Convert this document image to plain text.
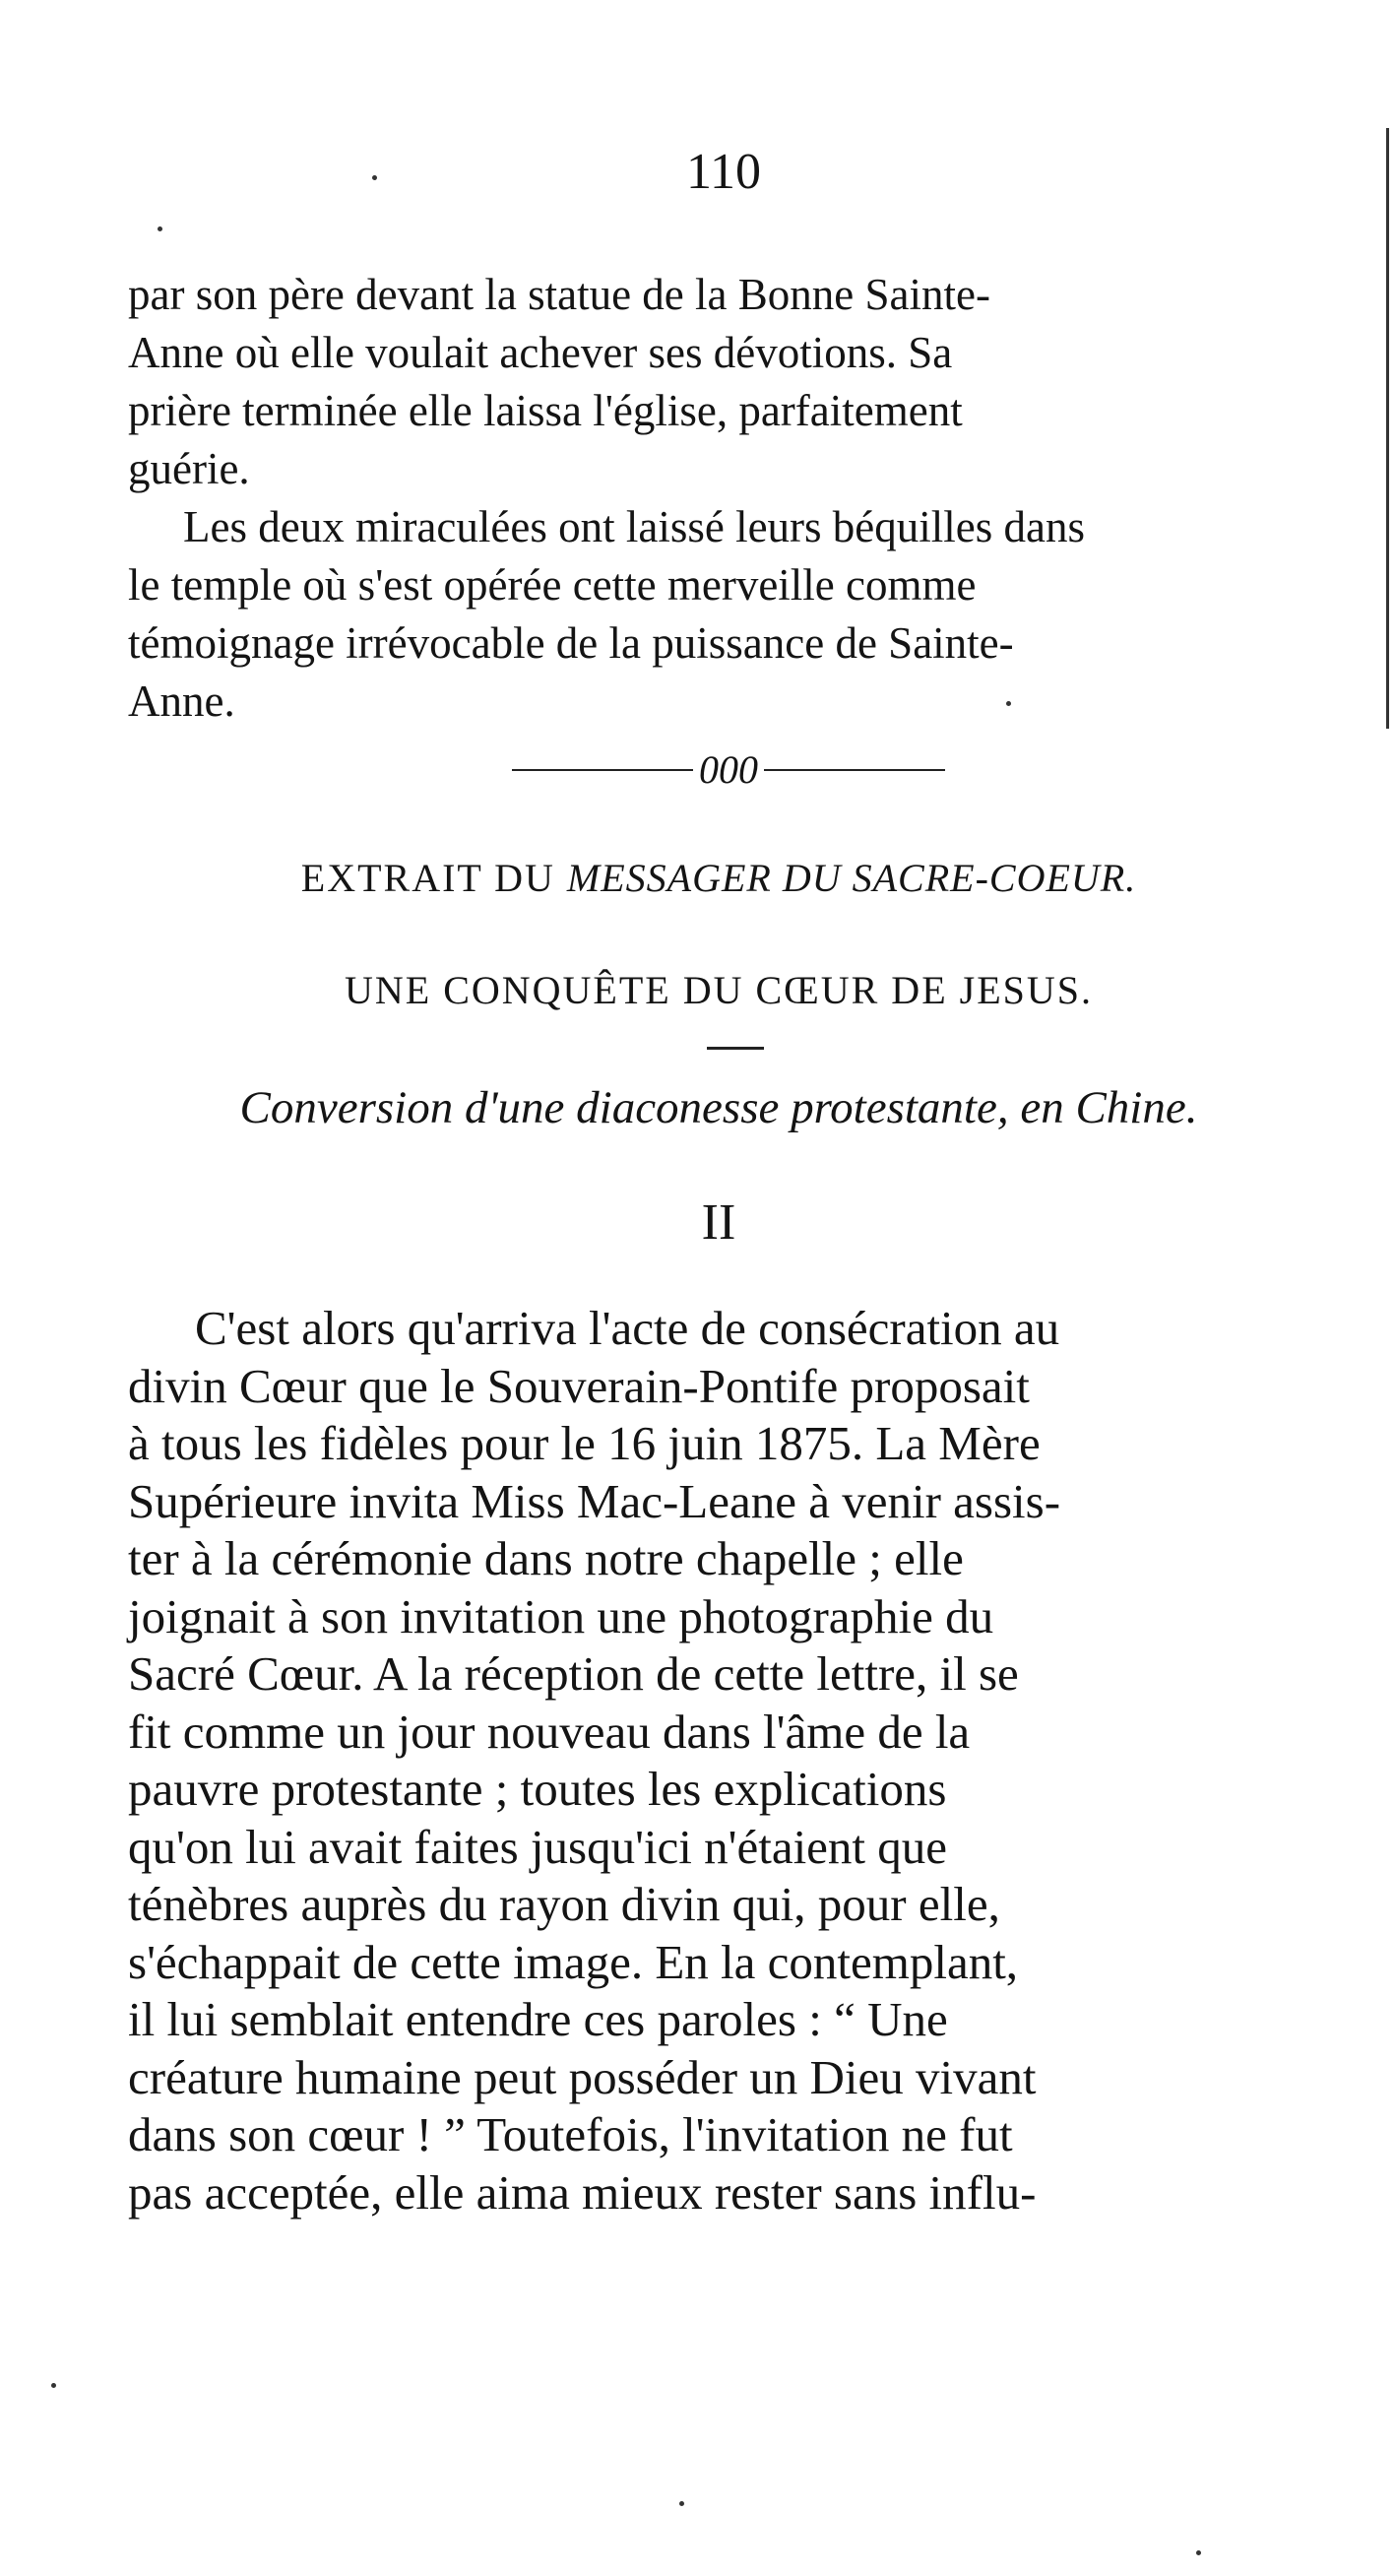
110
par son père devant la statue de la Bonne Sainte-
Anne où elle voulait achever ses dévotions. Sa
prière terminée elle laissa l'église, parfaitement
guérie.
Les deux miraculées ont laissé leurs béquilles dans
le temple où s'est opérée cette merveille comme
témoignage irrévocable de la puissance de Sainte-
Anne.
000
EXTRAIT DU MESSAGER DU SACRE-COEUR.
UNE CONQUÊTE DU CŒUR DE JESUS.
Conversion d'une diaconesse protestante, en Chine.
II
C'est alors qu'arriva l'acte de consécration au
divin Cœur que le Souverain-Pontife proposait
à tous les fidèles pour le 16 juin 1875. La Mère
Supérieure invita Miss Mac-Leane à venir assis-
ter à la cérémonie dans notre chapelle ; elle
joignait à son invitation une photographie du
Sacré Cœur. A la réception de cette lettre, il se
fit comme un jour nouveau dans l'âme de la
pauvre protestante ; toutes les explications
qu'on lui avait faites jusqu'ici n'étaient que
ténèbres auprès du rayon divin qui, pour elle,
s'échappait de cette image. En la contemplant,
il lui semblait entendre ces paroles : “ Une
créature humaine peut posséder un Dieu vivant
dans son cœur ! ” Toutefois, l'invitation ne fut
pas acceptée, elle aima mieux rester sans influ-
